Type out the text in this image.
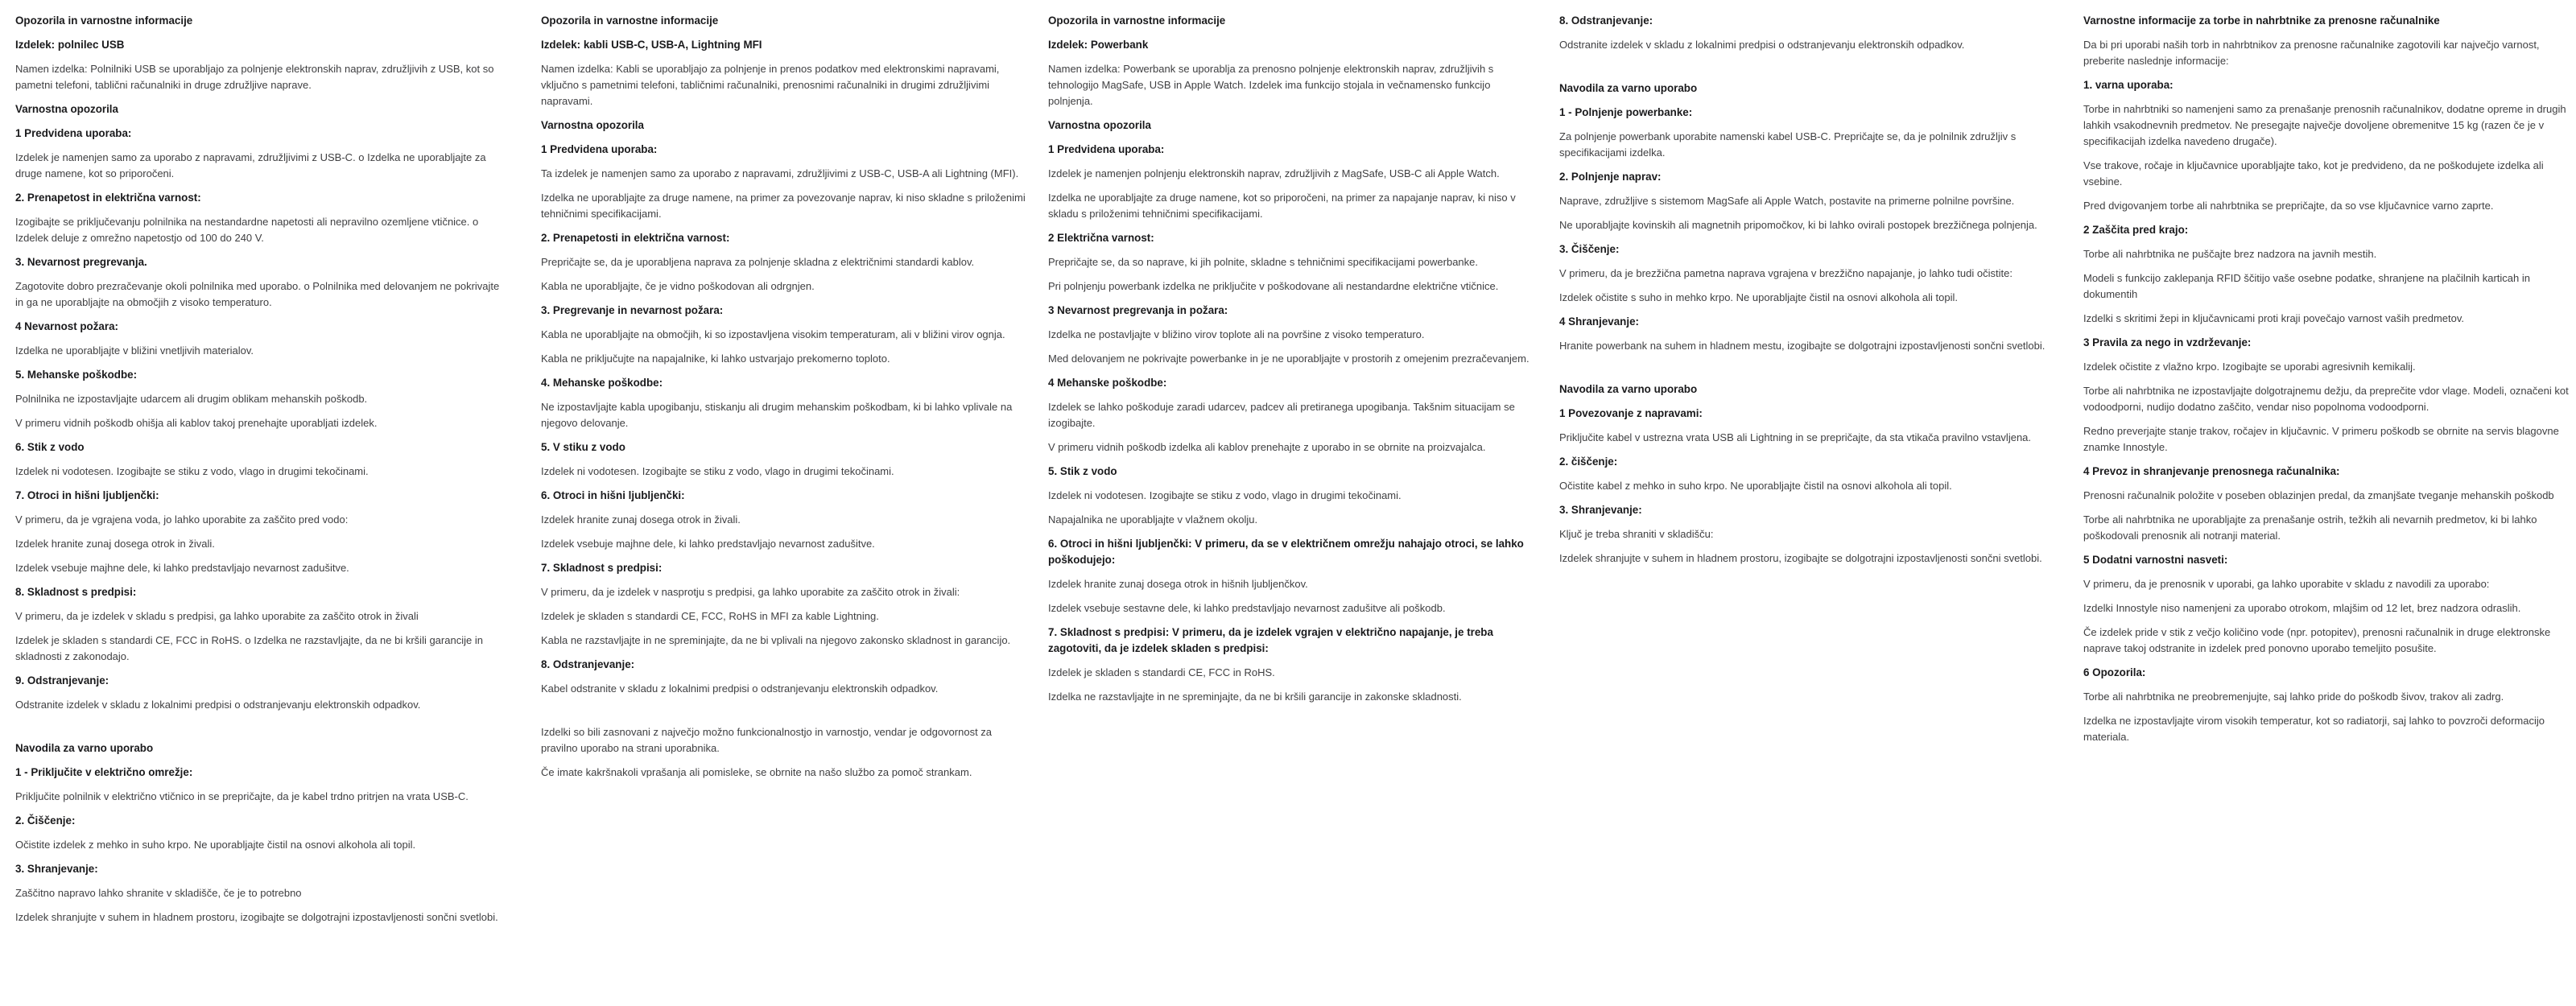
Opozorila in varnostne informacije

Izdelek: polnilec USB

Namen izdelka: Polnilniki USB se uporabljajo za polnjenje elektronskih naprav, združljivih z USB, kot so pametni telefoni, tablični računalniki in druge združljive naprave.

Varnostna opozorila

1 Predvidena uporaba:

Izdelek je namenjen samo za uporabo z napravami, združljivimi z USB-C. o Izdelka ne uporabljajte za druge namene, kot so priporočeni.

2. Prenapetost in električna varnost:

Izogibajte se priključevanju polnilnika na nestandardne napetosti ali nepravilno ozemljene vtičnice. o Izdelek deluje z omrežno napetostjo od 100 do 240 V.

3. Nevarnost pregrevanja.

Zagotovite dobro prezračevanje okoli polnilnika med uporabo. o Polnilnika med delovanjem ne pokrivajte in ga ne uporabljajte na območjih z visoko temperaturo.

4 Nevarnost požara:

Izdelka ne uporabljajte v bližini vnetljivih materialov.

5. Mehanske poškodbe:

Polnilnika ne izpostavljajte udarcem ali drugim oblikam mehanskih poškodb.

V primeru vidnih poškodb ohišja ali kablov takoj prenehajte uporabljati izdelek.

6. Stik z vodo

Izdelek ni vodotesen. Izogibajte se stiku z vodo, vlago in drugimi tekočinami.

7. Otroci in hišni ljubljenčki:

V primeru, da je vgrajena voda, jo lahko uporabite za zaščito pred vodo:

Izdelek hranite zunaj dosega otrok in živali.

Izdelek vsebuje majhne dele, ki lahko predstavljajo nevarnost zadušitve.

8. Skladnost s predpisi:

V primeru, da je izdelek v skladu s predpisi, ga lahko uporabite za zaščito otrok in živali

Izdelek je skladen s standardi CE, FCC in RoHS. o Izdelka ne razstavljajte, da ne bi kršili garancije in skladnosti z zakonodajo.

9. Odstranjevanje:

Odstranite izdelek v skladu z lokalnimi predpisi o odstranjevanju elektronskih odpadkov.

Navodila za varno uporabo

1 - Priključite v električno omrežje:

Priključite polnilnik v električno vtičnico in se prepričajte, da je kabel trdno pritrjen na vrata USB-C.

2. Čiščenje:

Očistite izdelek z mehko in suho krpo. Ne uporabljajte čistil na osnovi alkohola ali topil.

3. Shranjevanje:

Zaščitno napravo lahko shranite v skladišče, če je to potrebno

Izdelek shranjujte v suhem in hladnem prostoru, izogibajte se dolgotrajni izpostavljenosti sončni svetlobi.

Opozorila in varnostne informacije

Izdelek: kabli USB-C, USB-A, Lightning MFI

Namen izdelka: Kabli se uporabljajo za polnjenje in prenos podatkov med elektronskimi napravami, vključno s pametnimi telefoni, tabličnimi računalniki, prenosnimi računalniki in drugimi združljivimi napravami.

Varnostna opozorila

1 Predvidena uporaba:

Ta izdelek je namenjen samo za uporabo z napravami, združljivimi z USB-C, USB-A ali Lightning (MFI).

Izdelka ne uporabljajte za druge namene, na primer za povezovanje naprav, ki niso skladne s priloženimi tehničnimi specifikacijami.

2. Prenapetosti in električna varnost:

Prepričajte se, da je uporabljena naprava za polnjenje skladna z električnimi standardi kablov.

Kabla ne uporabljajte, če je vidno poškodovan ali odrgnjen.

3. Pregrevanje in nevarnost požara:

Kabla ne uporabljajte na območjih, ki so izpostavljena visokim temperaturam, ali v bližini virov ognja.

Kabla ne priključujte na napajalnike, ki lahko ustvarjajo prekomerno toploto.

4. Mehanske poškodbe:

Ne izpostavljajte kabla upogibanju, stiskanju ali drugim mehanskim poškodbam, ki bi lahko vplivale na njegovo delovanje.

5. V stiku z vodo

Izdelek ni vodotesen. Izogibajte se stiku z vodo, vlago in drugimi tekočinami.

6. Otroci in hišni ljubljenčki:

Izdelek hranite zunaj dosega otrok in živali.

Izdelek vsebuje majhne dele, ki lahko predstavljajo nevarnost zadušitve.

7. Skladnost s predpisi:

V primeru, da je izdelek v nasprotju s predpisi, ga lahko uporabite za zaščito otrok in živali:

Izdelek je skladen s standardi CE, FCC, RoHS in MFI za kable Lightning.

Kabla ne razstavljajte in ne spreminjajte, da ne bi vplivali na njegovo zakonsko skladnost in garancijo.

8. Odstranjevanje:

Kabel odstranite v skladu z lokalnimi predpisi o odstranjevanju elektronskih odpadkov.

Izdelki so bili zasnovani z največjo možno funkcionalnostjo in varnostjo, vendar je odgovornost za pravilno uporabo na strani uporabnika.

Če imate kakršnakoli vprašanja ali pomisleke, se obrnite na našo službo za pomoč strankam.

Opozorila in varnostne informacije

Izdelek: Powerbank

Namen izdelka: Powerbank se uporablja za prenosno polnjenje elektronskih naprav, združljivih s tehnologijo MagSafe, USB in Apple Watch. Izdelek ima funkcijo stojala in večnamensko funkcijo polnjenja.

Varnostna opozorila

1 Predvidena uporaba:

Izdelek je namenjen polnjenju elektronskih naprav, združljivih z MagSafe, USB-C ali Apple Watch.

Izdelka ne uporabljajte za druge namene, kot so priporočeni, na primer za napajanje naprav, ki niso v skladu s priloženimi tehničnimi specifikacijami.

2 Električna varnost:

Prepričajte se, da so naprave, ki jih polnite, skladne s tehničnimi specifikacijami powerbanke.

Pri polnjenju powerbank izdelka ne priključite v poškodovane ali nestandardne električne vtičnice.

3 Nevarnost pregrevanja in požara:

Izdelka ne postavljajte v bližino virov toplote ali na površine z visoko temperaturo.

Med delovanjem ne pokrivajte powerbanke in je ne uporabljajte v prostorih z omejenim prezračevanjem.

4 Mehanske poškodbe:

Izdelek se lahko poškoduje zaradi udarcev, padcev ali pretiranega upogibanja. Takšnim situacijam se izogibajte.

V primeru vidnih poškodb izdelka ali kablov prenehajte z uporabo in se obrnite na proizvajalca.

5. Stik z vodo

Izdelek ni vodotesen. Izogibajte se stiku z vodo, vlago in drugimi tekočinami.

Napajalnika ne uporabljajte v vlažnem okolju.

6. Otroci in hišni ljubljenčki: V primeru, da se v električnem omrežju nahajajo otroci, se lahko poškodujejo:

Izdelek hranite zunaj dosega otrok in hišnih ljubljenčkov.

Izdelek vsebuje sestavne dele, ki lahko predstavljajo nevarnost zadušitve ali poškodb.

7. Skladnost s predpisi: V primeru, da je izdelek vgrajen v električno napajanje, je treba zagotoviti, da je izdelek skladen s predpisi:

Izdelek je skladen s standardi CE, FCC in RoHS.

Izdelka ne razstavljajte in ne spreminjajte, da ne bi kršili garancije in zakonske skladnosti.

8. Odstranjevanje:

Odstranite izdelek v skladu z lokalnimi predpisi o odstranjevanju elektronskih odpadkov.

Navodila za varno uporabo

1 - Polnjenje powerbanke:

Za polnjenje powerbank uporabite namenski kabel USB-C. Prepričajte se, da je polnilnik združljiv s specifikacijami izdelka.

2. Polnjenje naprav:

Naprave, združljive s sistemom MagSafe ali Apple Watch, postavite na primerne polnilne površine.

Ne uporabljajte kovinskih ali magnetnih pripomočkov, ki bi lahko ovirali postopek brezžičnega polnjenja.

3. Čiščenje:

V primeru, da je brezžična pametna naprava vgrajena v brezžično napajanje, jo lahko tudi očistite:

Izdelek očistite s suho in mehko krpo. Ne uporabljajte čistil na osnovi alkohola ali topil.

4 Shranjevanje:

Hranite powerbank na suhem in hladnem mestu, izogibajte se dolgotrajni izpostavljenosti sončni svetlobi.

Navodila za varno uporabo

1 Povezovanje z napravami:

Priključite kabel v ustrezna vrata USB ali Lightning in se prepričajte, da sta vtikača pravilno vstavljena.

2. čiščenje:

Očistite kabel z mehko in suho krpo. Ne uporabljajte čistil na osnovi alkohola ali topil.

3. Shranjevanje:

Ključ je treba shraniti v skladišču:

Izdelek shranjujte v suhem in hladnem prostoru, izogibajte se dolgotrajni izpostavljenosti sončni svetlobi.

Varnostne informacije za torbe in nahrbtnike za prenosne računalnike

Da bi pri uporabi naših torb in nahrbtnikov za prenosne računalnike zagotovili kar največjo varnost, preberite naslednje informacije:

1. varna uporaba:

Torbe in nahrbtniki so namenjeni samo za prenašanje prenosnih računalnikov, dodatne opreme in drugih lahkih vsakodnevnih predmetov. Ne presegajte največje dovoljene obremenitve 15 kg (razen če je v specifikacijah izdelka navedeno drugače).

Vse trakove, ročaje in ključavnice uporabljajte tako, kot je predvideno, da ne poškodujete izdelka ali vsebine.

Pred dvigovanjem torbe ali nahrbtnika se prepričajte, da so vse ključavnice varno zaprte.

2 Zaščita pred krajo:

Torbe ali nahrbtnika ne puščajte brez nadzora na javnih mestih.

Modeli s funkcijo zaklepanja RFID ščitijo vaše osebne podatke, shranjene na plačilnih karticah in dokumentih

Izdelki s skritimi žepi in ključavnicami proti kraji povečajo varnost vaših predmetov.

3 Pravila za nego in vzdrževanje:

Izdelek očistite z vlažno krpo. Izogibajte se uporabi agresivnih kemikalij.

Torbe ali nahrbtnika ne izpostavljajte dolgotrajnemu dežju, da preprečite vdor vlage. Modeli, označeni kot vodoodporni, nudijo dodatno zaščito, vendar niso popolnoma vodoodporni.

Redno preverjajte stanje trakov, ročajev in ključavnic. V primeru poškodb se obrnite na servis blagovne znamke Innostyle.

4 Prevoz in shranjevanje prenosnega računalnika:

Prenosni računalnik položite v poseben oblazinjen predal, da zmanjšate tveganje mehanskih poškodb

Torbe ali nahrbtnika ne uporabljajte za prenašanje ostrih, težkih ali nevarnih predmetov, ki bi lahko poškodovali prenosnik ali notranji material.

5 Dodatni varnostni nasveti:

V primeru, da je prenosnik v uporabi, ga lahko uporabite v skladu z navodili za uporabo:

Izdelki Innostyle niso namenjeni za uporabo otrokom, mlajšim od 12 let, brez nadzora odraslih.

Če izdelek pride v stik z večjo količino vode (npr. potopitev), prenosni računalnik in druge elektronske naprave takoj odstranite in izdelek pred ponovno uporabo temeljito posušite.

6 Opozorila:

Torbe ali nahrbtnika ne preobremenjujte, saj lahko pride do poškodb šivov, trakov ali zadrg.

Izdelka ne izpostavljajte virom visokih temperatur, kot so radiatorji, saj lahko to povzroči deformacijo materiala.
